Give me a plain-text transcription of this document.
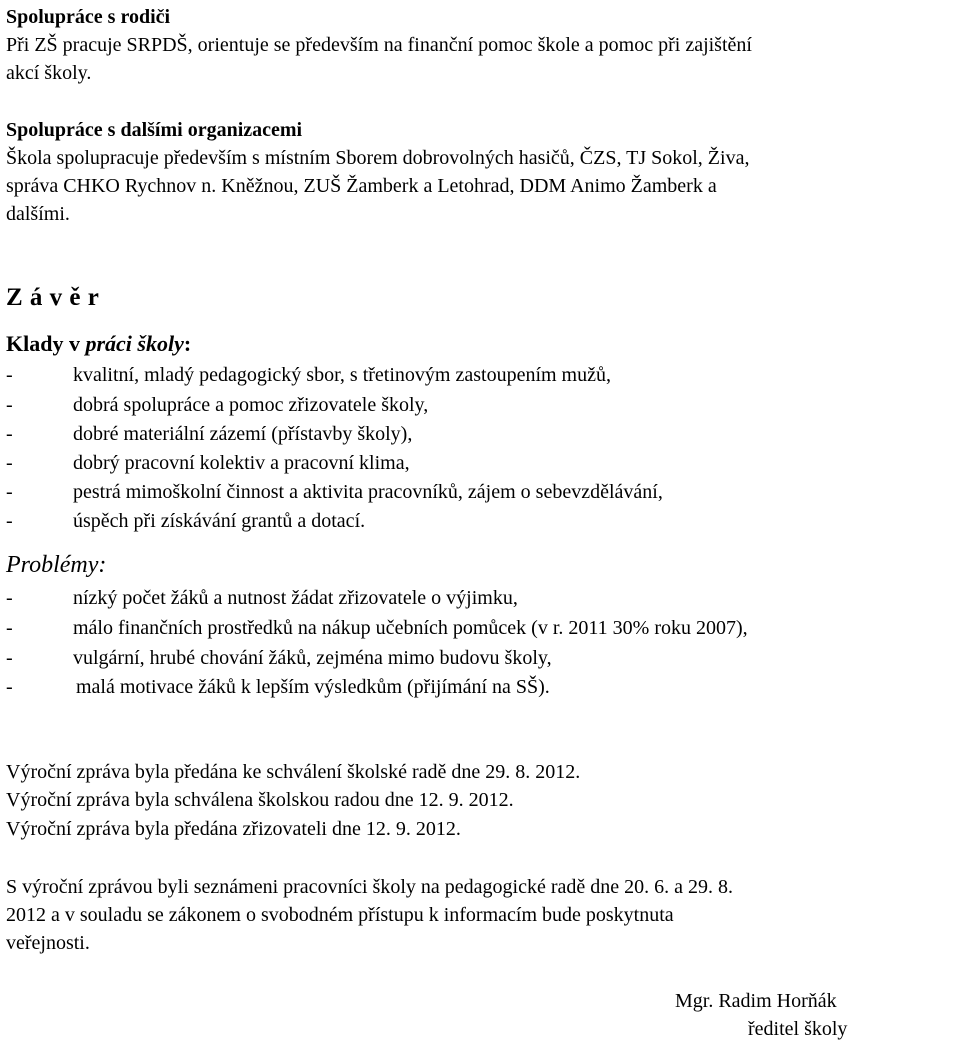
Spolupráce s rodiči
Při ZŠ pracuje SRPDŠ, orientuje se především na finanční pomoc škole a pomoc při zajištění
akcí školy.
Spolupráce s dalšími organizacemi
Škola spolupracuje především s místním Sborem dobrovolných hasičů, ČZS, TJ Sokol, Živa,
správa CHKO Rychnov n. Kněžnou, ZUŠ Žamberk a Letohrad, DDM Animo Žamberk a
dalšími.
Z á v ě r
Klady v práci školy:
-	kvalitní, mladý pedagogický sbor, s třetinovým zastoupením mužů,
-	dobrá spolupráce a pomoc zřizovatele školy,
-	dobré materiální zázemí (přístavby školy),
-	dobrý pracovní kolektiv a pracovní klima,
-	pestrá mimoškolní činnost a aktivita pracovníků, zájem o sebevzdělávání,
-	úspěch při získávání grantů a dotací.
Problémy:
-	nízký počet žáků a nutnost žádat zřizovatele o výjimku,
-	málo finančních prostředků na nákup učebních pomůcek (v r. 2011 30% roku 2007),
-	vulgární, hrubé chování žáků, zejména mimo budovu školy,
-	malá motivace žáků k lepším výsledkům (přijímání na SŠ).
Výroční zpráva byla předána ke schválení školské radě dne 29. 8. 2012.
Výroční zpráva byla schválena školskou radou dne 12. 9. 2012.
Výroční zpráva byla předána zřizovateli dne 12. 9. 2012.
S výroční zprávou byli seznámeni pracovníci školy na pedagogické radě dne 20. 6. a 29. 8.
2012 a v souladu se zákonem o svobodném přístupu k informacím bude poskytnuta
veřejnosti.
Mgr. Radim Horňák
ředitel školy
